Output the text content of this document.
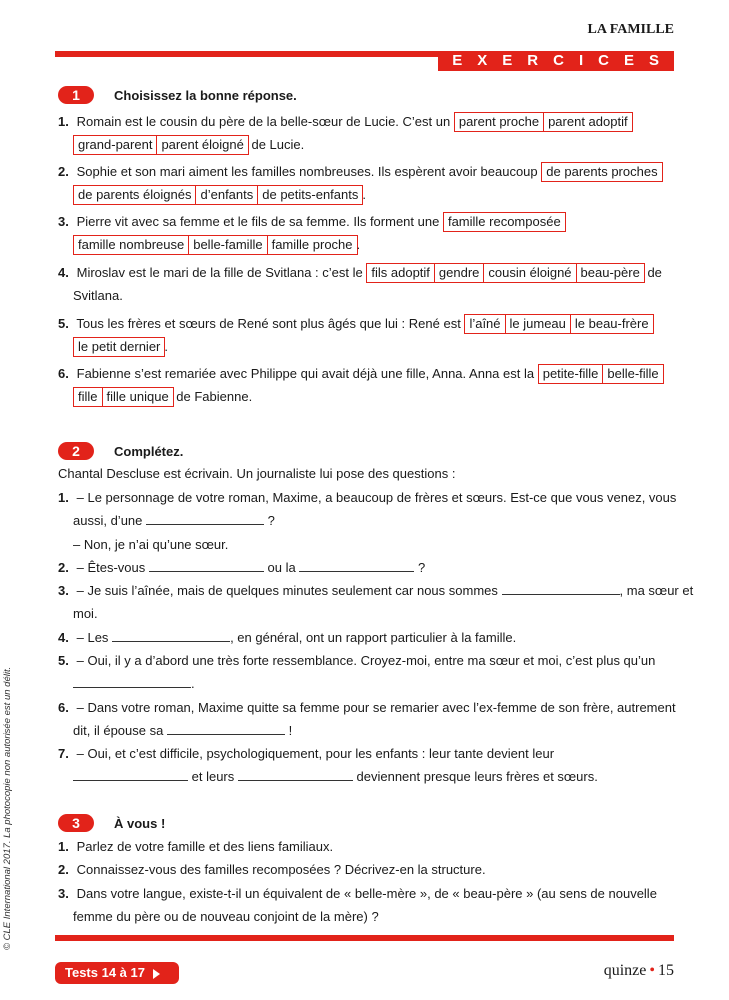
LA FAMILLE
EXERCICES
1	Choisissez la bonne réponse.
1. Romain est le cousin du père de la belle-sœur de Lucie. C’est un parent proche parent adoptif
grand-parent parent éloigné de Lucie.
2. Sophie et son mari aiment les familles nombreuses. Ils espèrent avoir beaucoup de parents proches
de parents éloignés d’enfants de petits-enfants .
3. Pierre vit avec sa femme et le fils de sa femme. Ils forment une famille recomposée
famille nombreuse belle-famille famille proche .
4. Miroslav est le mari de la fille de Svitlana : c’est le fils adoptif gendre cousin éloigné beau-père de
Svitlana.
5. Tous les frères et sœurs de René sont plus âgés que lui : René est l’aîné le jumeau le beau-frère
le petit dernier .
6. Fabienne s’est remariée avec Philippe qui avait déjà une fille, Anna. Anna est la petite-fille belle-fille
fille fille unique de Fabienne.
2	Complétez.
Chantal Descluse est écrivain. Un journaliste lui pose des questions :
1. – Le personnage de votre roman, Maxime, a beaucoup de frères et sœurs. Est-ce que vous venez, vous
aussi, d’une	?
– Non, je n’ai qu’une sœur.
2. – Êtes-vous	ou la	?
3. – Je suis l’aînée, mais de quelques minutes seulement car nous sommes	, ma sœur et
moi.
4. – Les	, en général, ont un rapport particulier à la famille.
5. – Oui, il y a d’abord une très forte ressemblance. Croyez-moi, entre ma sœur et moi, c’est plus qu’un
.
6. – Dans votre roman, Maxime quitte sa femme pour se remarier avec l’ex-femme de son frère, autrement
dit, il épouse sa	!
7. – Oui, et c’est difficile, psychologiquement, pour les enfants : leur tante devient leur
et leurs	deviennent presque leurs frères et sœurs.
3	À vous !
1. Parlez de votre famille et des liens familiaux.
2. Connaissez-vous des familles recomposées ? Décrivez-en la structure.
3. Dans votre langue, existe-t-il un équivalent de « belle-mère », de « beau-père » (au sens de nouvelle
femme du père ou de nouveau conjoint de la mère) ?
© CLE International 2017. La photocopie non autorisée est un délit.
Tests 14 à 17	quinze • 15
